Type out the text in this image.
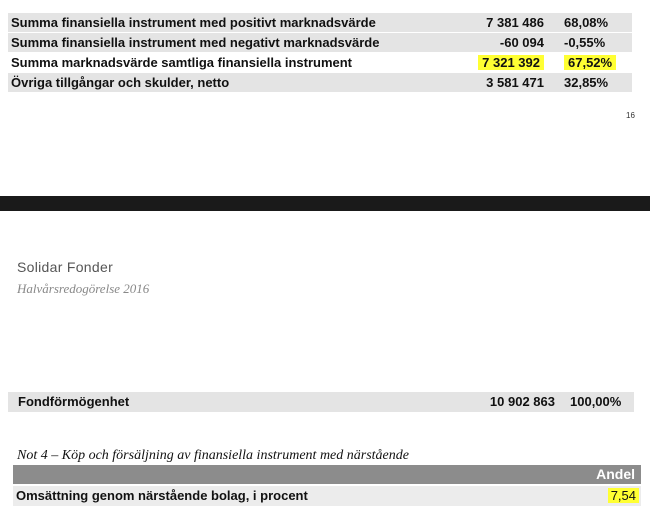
Summa finansiella instrument med positivt marknadsvärde	7 381 486 68,08%
Summa finansiella instrument med negativt marknadsvärde	-60 094 -0,55%
Summa marknadsvärde samtliga finansiella instrument	7 321 392	67,52%
Övriga tillgångar och skulder, netto	3 581 471 32,85%
16
Solidar Fonder
Halvårsredogörelse 2016
Fondförmögenhet	10 902 863 100,00%
Not 4 – Köp och försäljning av finansiella instrument med närstående
Andel
Omsättning genom närstående bolag, i procent	7,54
